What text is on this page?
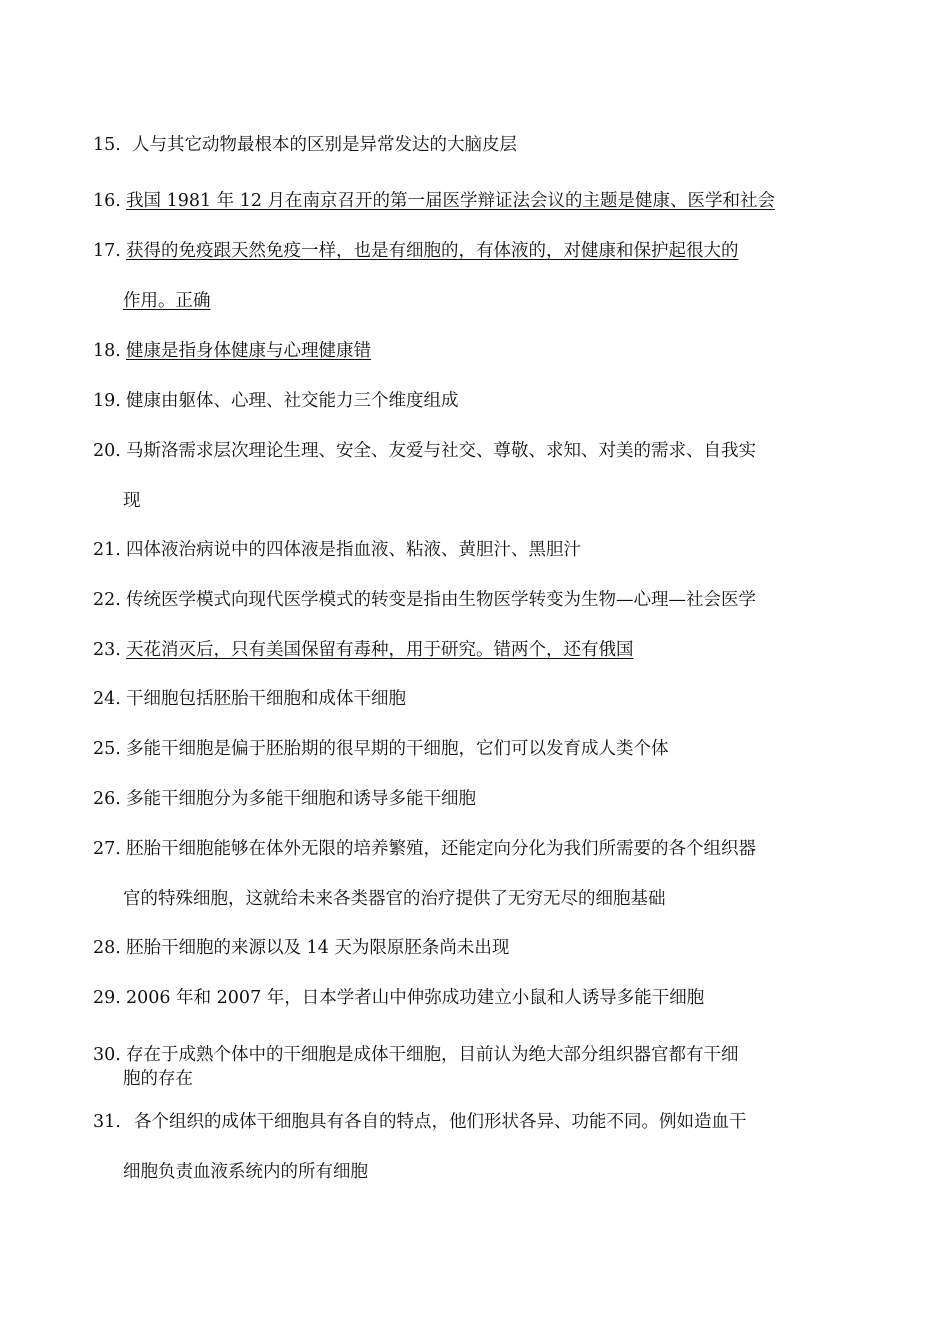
15. 人与其它动物最根本的区别是异常发达的大脑皮层
16. 我国 1981 年 12 月在南京召开的第一届医学辩证法会议的主题是健康、医学和社会
17. 获得的免疫跟天然免疫一样，也是有细胞的，有体液的，对健康和保护起很大的
作用。正确
18. 健康是指身体健康与心理健康错
19. 健康由躯体、心理、社交能力三个维度组成
20. 马斯洛需求层次理论生理、安全、友爱与社交、尊敬、求知、对美的需求、自我实
现
21. 四体液治病说中的四体液是指血液、粘液、黄胆汁、黑胆汁
22. 传统医学模式向现代医学模式的转变是指由生物医学转变为生物—心理—社会医学
23. 天花消灭后，只有美国保留有毒种，用于研究。错两个，还有俄国
24. 干细胞包括胚胎干细胞和成体干细胞
25. 多能干细胞是偏于胚胎期的很早期的干细胞，它们可以发育成人类个体
26. 多能干细胞分为多能干细胞和诱导多能干细胞
27. 胚胎干细胞能够在体外无限的培养繁殖，还能定向分化为我们所需要的各个组织器
官的特殊细胞，这就给未来各类器官的治疗提供了无穷无尽的细胞基础
28. 胚胎干细胞的来源以及 14 天为限原胚条尚未出现
29. 2006 年和 2007 年，日本学者山中伸弥成功建立小鼠和人诱导多能干细胞
30. 存在于成熟个体中的干细胞是成体干细胞，目前认为绝大部分组织器官都有干细
胞的存在
31. 各个组织的成体干细胞具有各自的特点，他们形状各异、功能不同。例如造血干
细胞负责血液系统内的所有细胞
